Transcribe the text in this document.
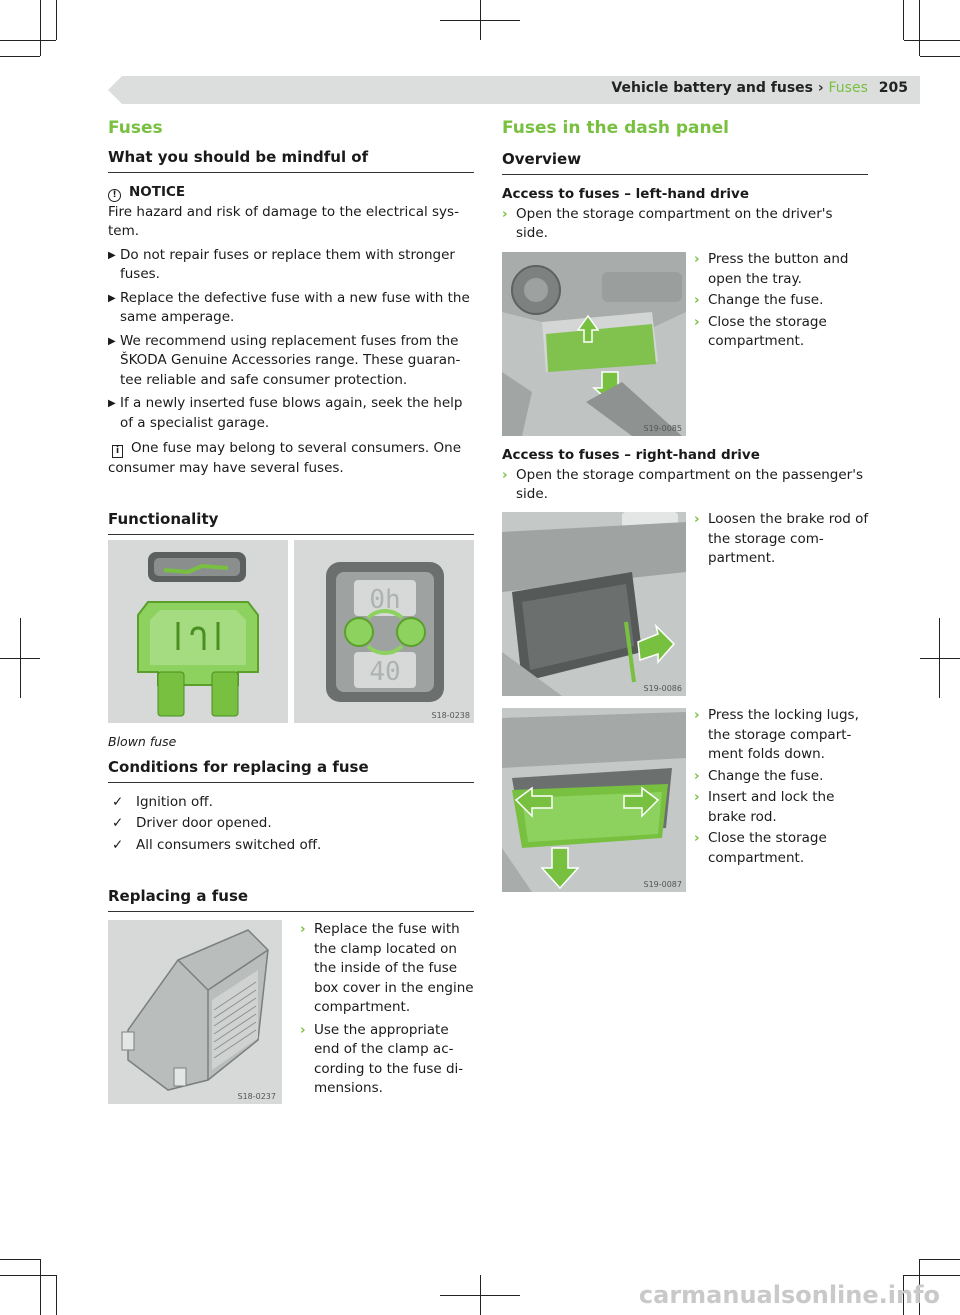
Vehicle battery and fuses › Fuses 205
Fuses
What you should be mindful of
! NOTICE
Fire hazard and risk of damage to the electrical sys-tem.
▶ Do not repair fuses or replace them with stronger fuses.
▶ Replace the defective fuse with a new fuse with the same amperage.
▶ We recommend using replacement fuses from the ŠKODA Genuine Accessories range. These guaran-tee reliable and safe consumer protection.
▶ If a newly inserted fuse blows again, seek the help of a specialist garage.
i One fuse may belong to several consumers. One consumer may have several fuses.
Functionality
0h
40
S18-0238
Blown fuse
Conditions for replacing a fuse
✓ Ignition off.
✓ Driver door opened.
✓ All consumers switched off.
Replacing a fuse
S18-0237
› Replace the fuse with the clamp located on the inside of the fuse box cover in the engine compartment.
› Use the appropriate end of the clamp ac-cording to the fuse di-mensions.
Fuses in the dash panel
Overview
Access to fuses – left-hand drive
› Open the storage compartment on the driver's side.
S19-0085
› Press the button and open the tray.
› Change the fuse.
› Close the storage compartment.
Access to fuses – right-hand drive
› Open the storage compartment on the passenger's side.
S19-0086
› Loosen the brake rod of the storage com-partment.
S19-0087
› Press the locking lugs, the storage compart-ment folds down.
› Change the fuse.
› Insert and lock the brake rod.
› Close the storage compartment.
carmanualsonline.info
